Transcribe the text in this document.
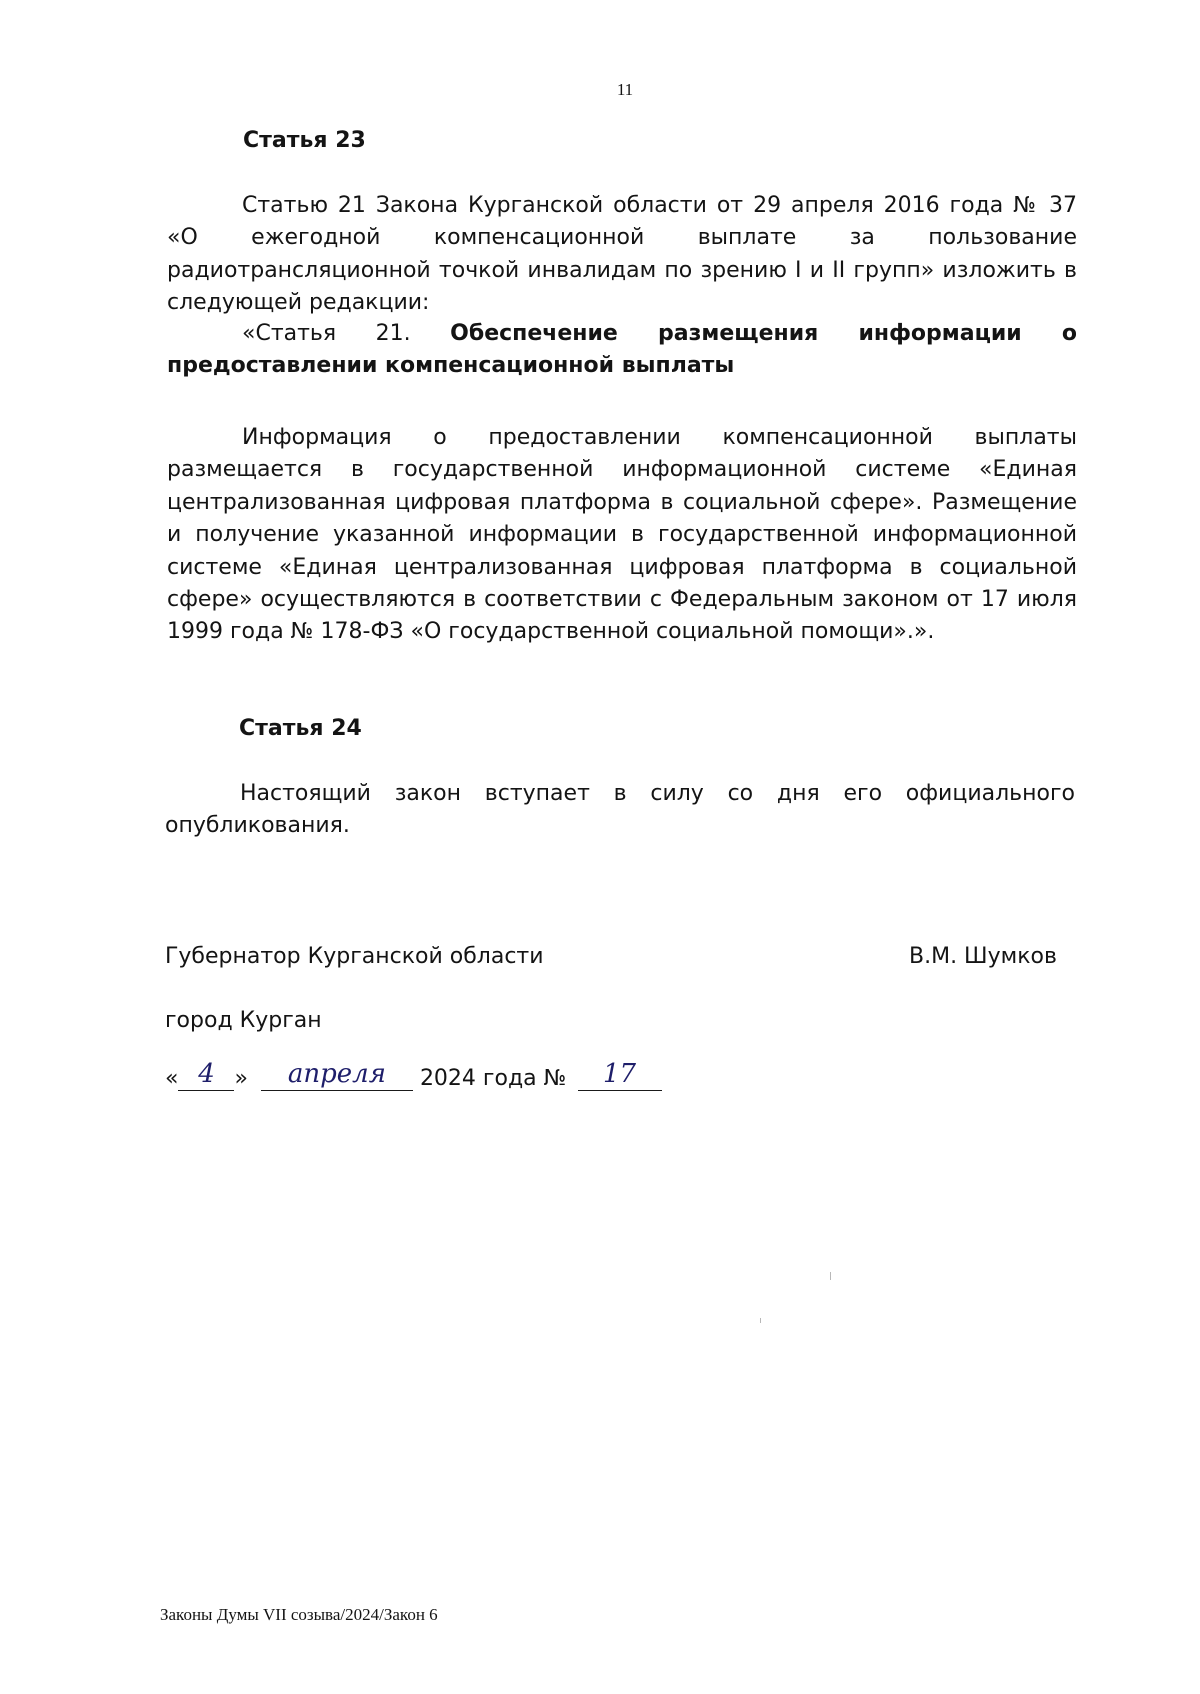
11
Статья 23

Статью 21 Закона Курганской области от 29 апреля 2016 года № 37 «О ежегодной компенсационной выплате за пользование радиотрансляционной точкой инвалидам по зрению I и II групп» изложить в следующей редакции:

«Статья 21. Обеспечение размещения информации о предоставлении компенсационной выплаты

Информация о предоставлении компенсационной выплаты размещается в государственной информационной системе «Единая централизованная цифровая платформа в социальной сфере». Размещение и получение указанной информации в государственной информационной системе «Единая централизованная цифровая платформа в социальной сфере» осуществляются в соответствии с Федеральным законом от 17 июля 1999 года № 178-ФЗ «О государственной социальной помощи».».

Статья 24

Настоящий закон вступает в силу со дня его официального опубликования.

Губернатор Курганской области	В.М. Шумков
город Курган
« 4 »	апреля	2024 года №	17
Законы Думы VII созыва/2024/Закон 6
